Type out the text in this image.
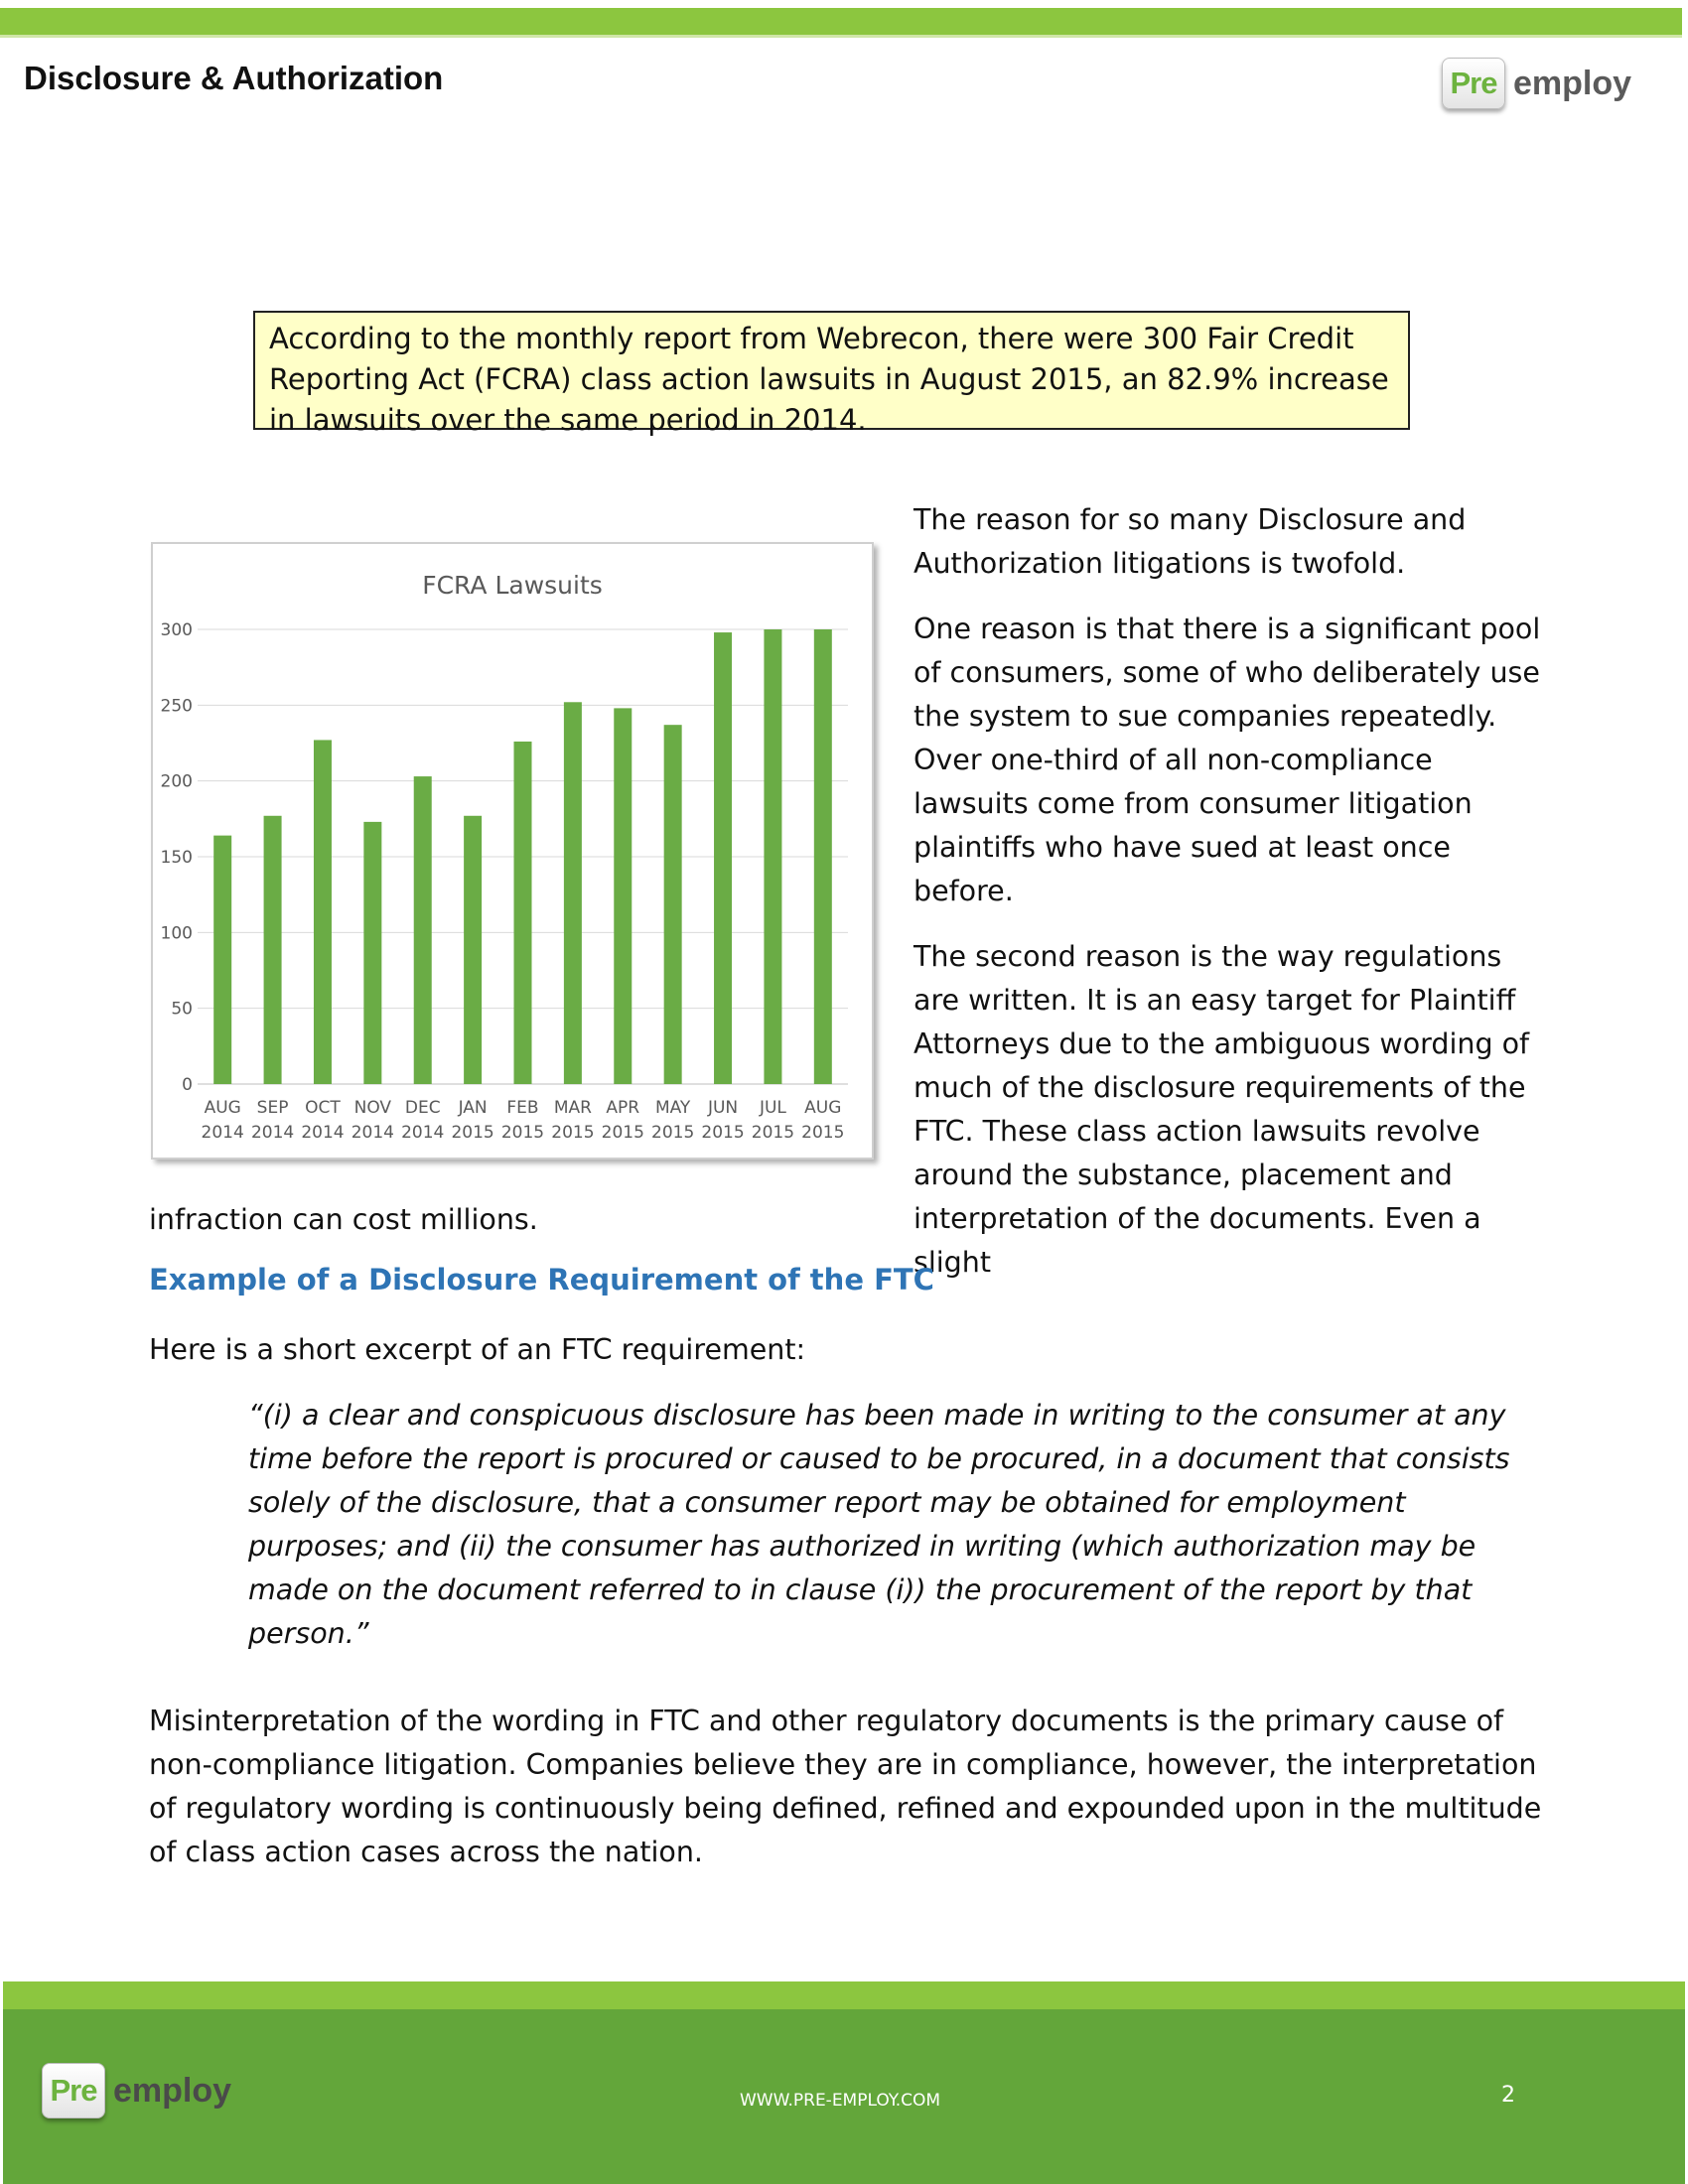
Disclosure & Authorization	Pre employ
According to the monthly report from Webrecon, there were 300 Fair Credit Reporting Act (FCRA) class action lawsuits in August 2015, an 82.9% increase in lawsuits over the same period in 2014.
FCRA Lawsuits
0
50
100
150
200
250
300
AUG
2014
SEP
2014
OCT
2014
NOV
2014
DEC
2014
JAN
2015
FEB
2015
MAR
2015
APR
2015
MAY
2015
JUN
2015
JUL
2015
AUG
2015

The reason for so many Disclosure and Authorization litigations is twofold.

One reason is that there is a significant pool of consumers, some of who deliberately use the system to sue companies repeatedly. Over one-third of all non-compliance lawsuits come from consumer litigation plaintiffs who have sued at least once before.

The second reason is the way regulations are written. It is an easy target for Plaintiff Attorneys due to the ambiguous wording of much of the disclosure requirements of the FTC. These class action lawsuits revolve around the substance, placement and interpretation of the documents. Even a slight

infraction can cost millions.
Example of a Disclosure Requirement of the FTC
Here is a short excerpt of an FTC requirement:
“(i) a clear and conspicuous disclosure has been made in writing to the consumer at any time before the report is procured or caused to be procured, in a document that consists solely of the disclosure, that a consumer report may be obtained for employment purposes; and (ii) the consumer has authorized in writing (which authorization may be made on the document referred to in clause (i)) the procurement of the report by that person.”
Misinterpretation of the wording in FTC and other regulatory documents is the primary cause of non-compliance litigation. Companies believe they are in compliance, however, the interpretation of regulatory wording is continuously being defined, refined and expounded upon in the multitude of class action cases across the nation.
Pre employ	WWW.PRE-EMPLOY.COM	2
